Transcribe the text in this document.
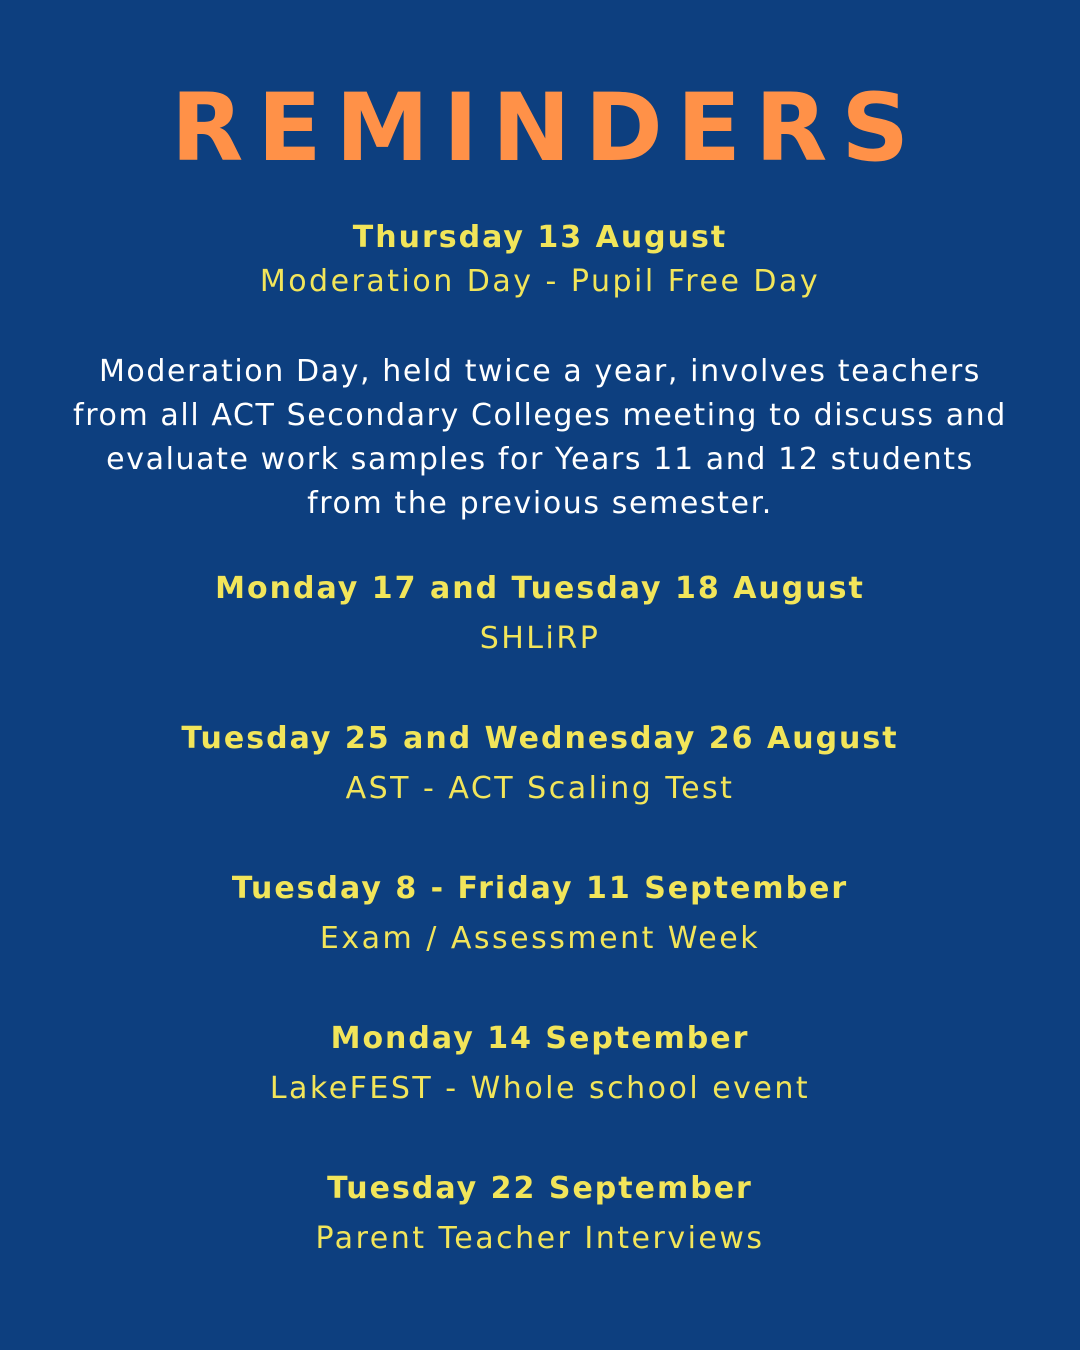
REMINDERS

Thursday 13 August

Moderation Day - Pupil Free Day

Moderation Day, held twice a year, involves teachers from all ACT Secondary Colleges meeting to discuss and evaluate work samples for Years 11 and 12 students from the previous semester.

Monday 17 and Tuesday 18 August

SHLiRP

Tuesday 25 and Wednesday 26 August

AST - ACT Scaling Test

Tuesday 8 - Friday 11 September

Exam / Assessment Week

Monday 14 September

LakeFEST - Whole school event

Tuesday 22 September

Parent Teacher Interviews
